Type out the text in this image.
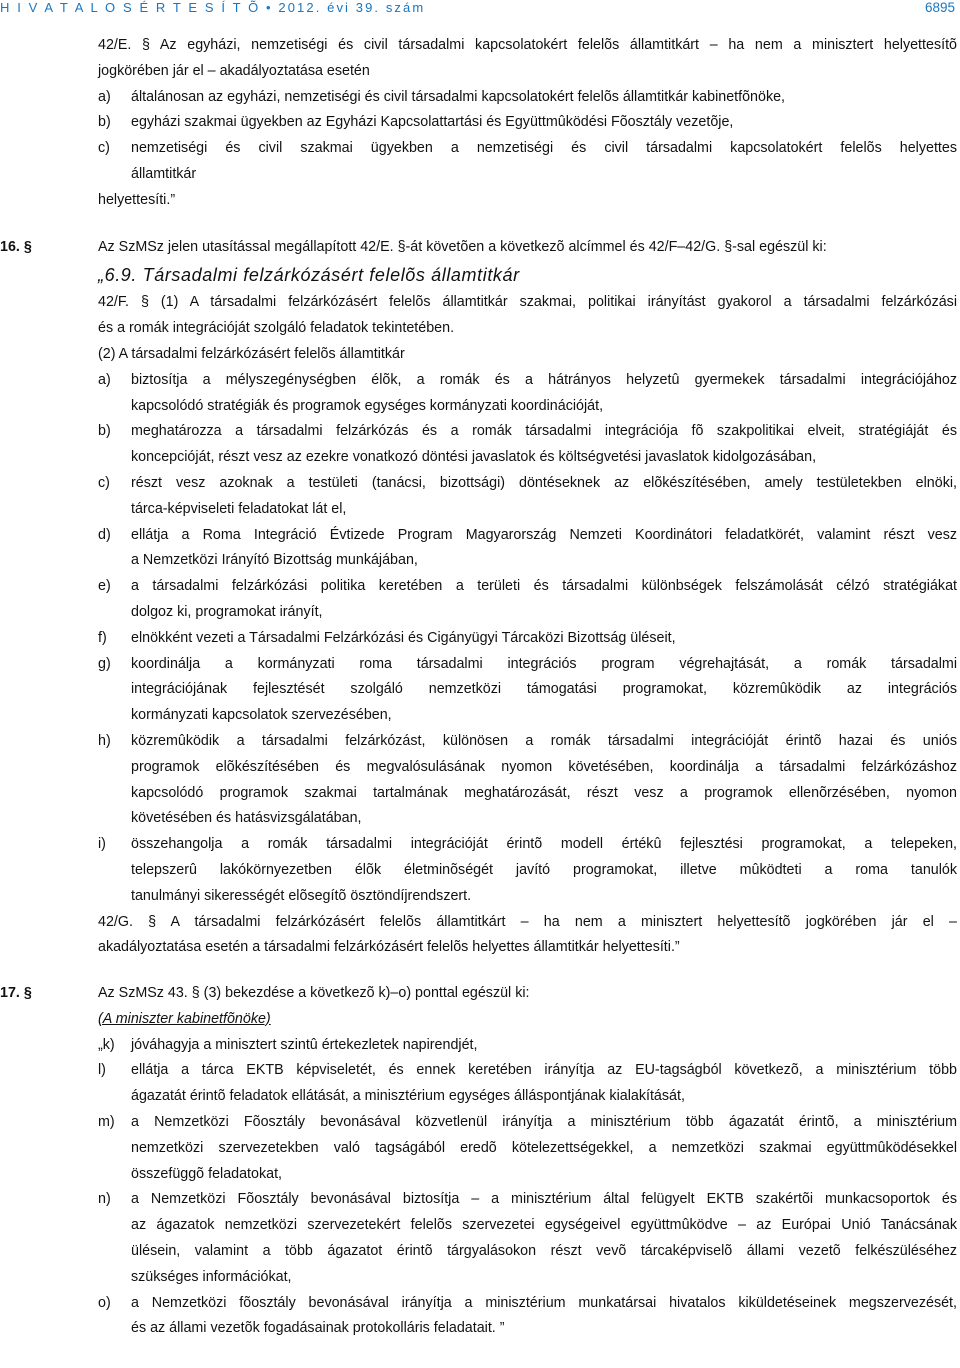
H I V A T A L O S É R T E S Í T Õ • 2012. évi 39. szám	6895
42/E. § Az egyházi, nemzetiségi és civil társadalmi kapcsolatokért felelõs államtitkárt – ha nem a minisztert helyettesítõ
jogkörében jár el – akadályoztatása esetén
a) általánosan az egyházi, nemzetiségi és civil társadalmi kapcsolatokért felelõs államtitkár kabinetfõnöke,
b) egyházi szakmai ügyekben az Egyházi Kapcsolattartási és Együttmûködési Fõosztály vezetõje,
c) nemzetiségi és civil szakmai ügyekben a nemzetiségi és civil társadalmi kapcsolatokért felelõs helyettes
államtitkár
helyettesíti.”
16. §	Az SzMSz jelen utasítással megállapított 42/E. §-át követõen a következõ alcímmel és 42/F–42/G. §-sal egészül ki:
„6.9. Társadalmi felzárkózásért felelõs államtitkár
42/F. § (1) A társadalmi felzárkózásért felelõs államtitkár szakmai, politikai irányítást gyakorol a társadalmi felzárkózási
és a romák integrációját szolgáló feladatok tekintetében.
(2) A társadalmi felzárkózásért felelõs államtitkár
a) biztosítja a mélyszegénységben élõk, a romák és a hátrányos helyzetû gyermekek társadalmi integrációjához
kapcsolódó stratégiák és programok egységes kormányzati koordinációját,
b) meghatározza a társadalmi felzárkózás és a romák társadalmi integrációja fõ szakpolitikai elveit, stratégiáját és
koncepcióját, részt vesz az ezekre vonatkozó döntési javaslatok és költségvetési javaslatok kidolgozásában,
c) részt vesz azoknak a testületi (tanácsi, bizottsági) döntéseknek az elõkészítésében, amely testületekben elnöki,
tárca-képviseleti feladatokat lát el,
d) ellátja a Roma Integráció Évtizede Program Magyarország Nemzeti Koordinátori feladatkörét, valamint részt vesz
a Nemzetközi Irányító Bizottság munkájában,
e) a társadalmi felzárkózási politika keretében a területi és társadalmi különbségek felszámolását célzó stratégiákat
dolgoz ki, programokat irányít,
f) elnökként vezeti a Társadalmi Felzárkózási és Cigányügyi Tárcaközi Bizottság üléseit,
g) koordinálja a kormányzati roma társadalmi integrációs program végrehajtását, a romák társadalmi
integrációjának fejlesztését szolgáló nemzetközi támogatási programokat, közremûködik az integrációs
kormányzati kapcsolatok szervezésében,
h) közremûködik a társadalmi felzárkózást, különösen a romák társadalmi integrációját érintõ hazai és uniós
programok elõkészítésében és megvalósulásának nyomon követésében, koordinálja a társadalmi felzárkózáshoz
kapcsolódó programok szakmai tartalmának meghatározását, részt vesz a programok ellenõrzésében, nyomon
követésében és hatásvizsgálatában,
i) összehangolja a romák társadalmi integrációját érintõ modell értékû fejlesztési programokat, a telepeken,
telepszerû lakókörnyezetben élõk életminõségét javító programokat, illetve mûködteti a roma tanulók
tanulmányi sikerességét elõsegítõ ösztöndíjrendszert.
42/G. § A társadalmi felzárkózásért felelõs államtitkárt – ha nem a minisztert helyettesítõ jogkörében jár el –
akadályoztatása esetén a társadalmi felzárkózásért felelõs helyettes államtitkár helyettesíti.”
17. §	Az SzMSz 43. § (3) bekezdése a következõ k)–o) ponttal egészül ki:
(A miniszter kabinetfõnöke)
„k) jóváhagyja a minisztert szintû értekezletek napirendjét,
l) ellátja a tárca EKTB képviseletét, és ennek keretében irányítja az EU-tagságból következõ, a minisztérium több
ágazatát érintõ feladatok ellátását, a minisztérium egységes álláspontjának kialakítását,
m) a Nemzetközi Fõosztály bevonásával közvetlenül irányítja a minisztérium több ágazatát érintõ, a minisztérium
nemzetközi szervezetekben való tagságából eredõ kötelezettségekkel, a nemzetközi szakmai együttmûködésekkel
összefüggõ feladatokat,
n) a Nemzetközi Fõosztály bevonásával biztosítja – a minisztérium által felügyelt EKTB szakértõi munkacsoportok és
az ágazatok nemzetközi szervezetekért felelõs szervezetei egységeivel együttmûködve – az Európai Unió Tanácsának
ülésein, valamint a több ágazatot érintõ tárgyalásokon részt vevõ tárcaképviselõ állami vezetõ felkészüléséhez
szükséges információkat,
o) a Nemzetközi fõosztály bevonásával irányítja a minisztérium munkatársai hivatalos kiküldetéseinek megszervezését,
és az állami vezetõk fogadásainak protokolláris feladatait. ”
